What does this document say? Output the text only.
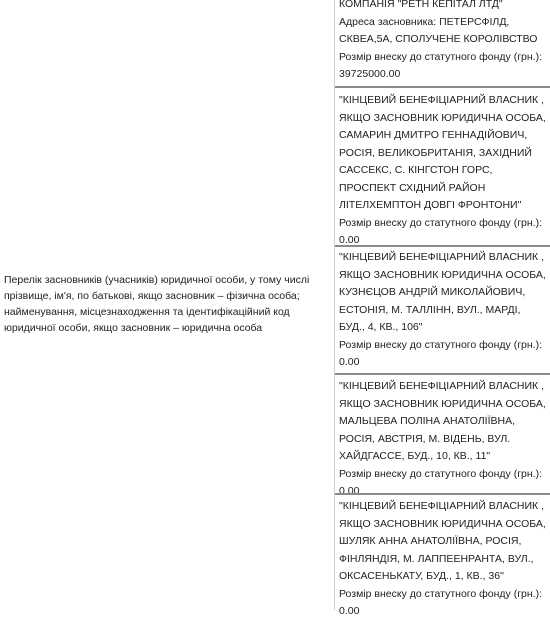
Перелік засновників (учасників) юридичної особи, у тому числі прізвище, ім'я, по батькові, якщо засновник – фізична особа; найменування, місцезнаходження та ідентифікаційний код юридичної особи, якщо засновник – юридична особа
КОМПАНІЯ "РЕТН КЕПІТАЛ ЛТД"
Адреса засновника: ПЕТЕРСФІЛД,
СКВЕА,5А, СПОЛУЧЕНЕ КОРОЛІВСТВО
Розмір внеску до статутного фонду (грн.):
39725000.00
"КІНЦЕВИЙ БЕНЕФІЦІАРНИЙ ВЛАСНИК ,
ЯКЩО ЗАСНОВНИК ЮРИДИЧНА ОСОБА,
САМАРИН ДМИТРО ГЕННАДІЙОВИЧ,
РОСІЯ, ВЕЛИКОБРИТАНІЯ, ЗАХІДНИЙ
САССЕКС, С. КІНГСТОН ГОРС,
ПРОСПЕКТ СХІДНИЙ РАЙОН
ЛІТЕЛХЕМПТОН ДОВГІ ФРОНТОНИ"
Розмір внеску до статутного фонду (грн.):
0.00
"КІНЦЕВИЙ БЕНЕФІЦІАРНИЙ ВЛАСНИК ,
ЯКЩО ЗАСНОВНИК ЮРИДИЧНА ОСОБА,
КУЗНЄЦОВ АНДРІЙ МИКОЛАЙОВИЧ,
ЕСТОНІЯ, М. ТАЛЛІНН, ВУЛ., МАРДІ,
БУД., 4, КВ., 106"
Розмір внеску до статутного фонду (грн.):
0.00
"КІНЦЕВИЙ БЕНЕФІЦІАРНИЙ ВЛАСНИК ,
ЯКЩО ЗАСНОВНИК ЮРИДИЧНА ОСОБА,
МАЛЬЦЕВА ПОЛІНА АНАТОЛІЇВНА,
РОСІЯ, АВСТРІЯ, М. ВІДЕНЬ, ВУЛ.
ХАЙДГАССЕ, БУД., 10, КВ., 11"
Розмір внеску до статутного фонду (грн.):
0.00
"КІНЦЕВИЙ БЕНЕФІЦІАРНИЙ ВЛАСНИК ,
ЯКЩО ЗАСНОВНИК ЮРИДИЧНА ОСОБА,
ШУЛЯК АННА АНАТОЛІЇВНА, РОСІЯ,
ФІНЛЯНДІЯ, М. ЛАППЕЕНРАНТА, ВУЛ.,
ОКСАСЕНЬКАТУ, БУД., 1, КВ., 36"
Розмір внеску до статутного фонду (грн.):
0.00
